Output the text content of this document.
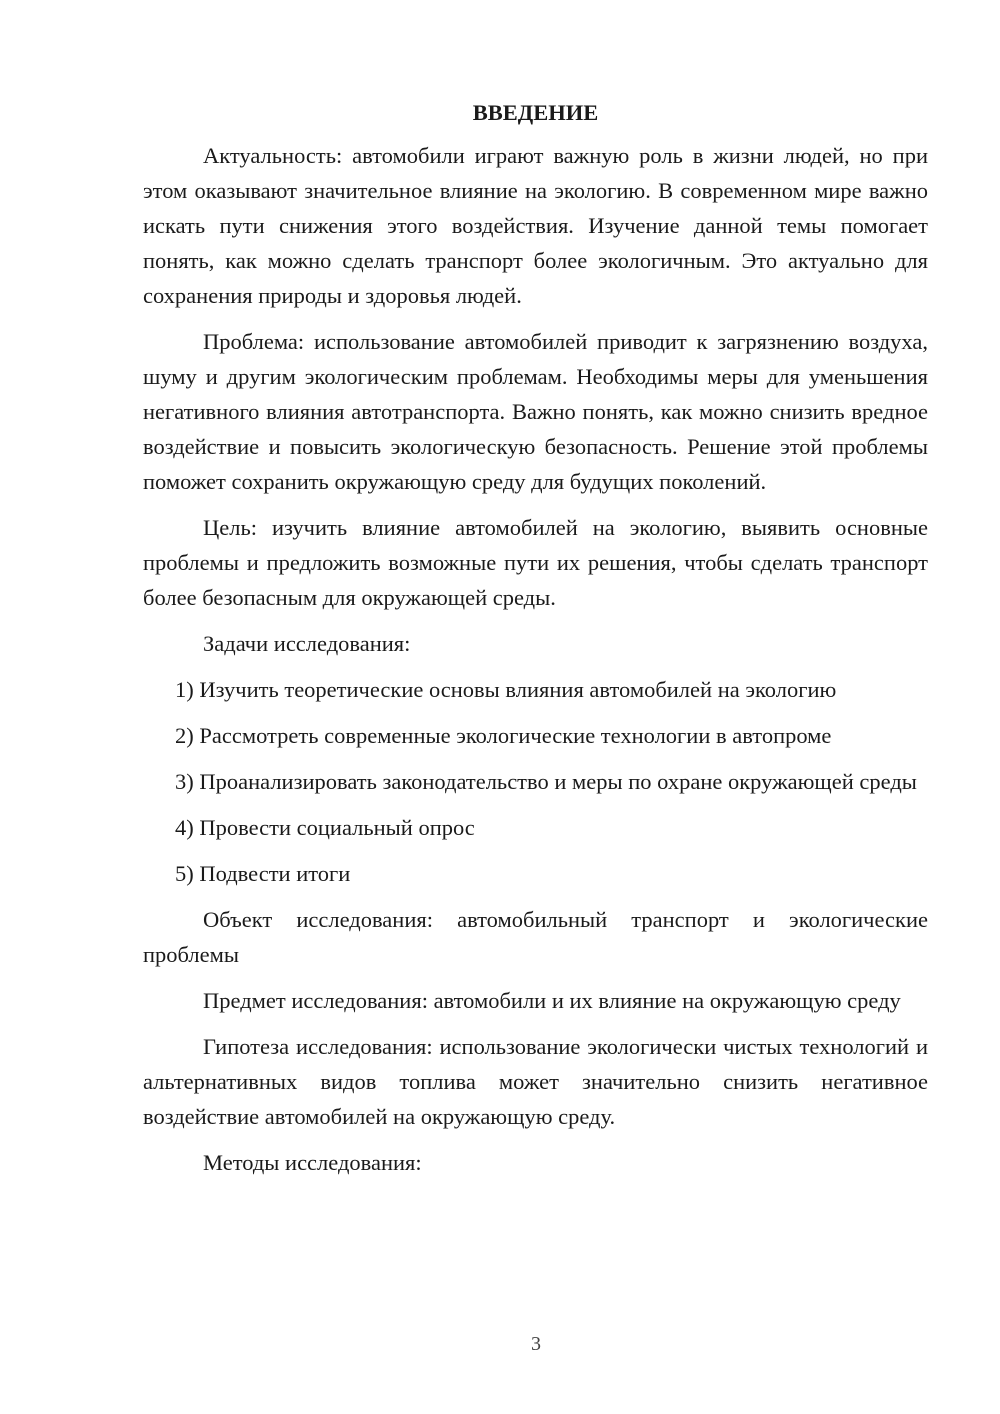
ВВЕДЕНИЕ

Актуальность: автомобили играют важную роль в жизни людей, но при этом оказывают значительное влияние на экологию. В современном мире важно искать пути снижения этого воздействия. Изучение данной темы помогает понять, как можно сделать транспорт более экологичным. Это актуально для сохранения природы и здоровья людей.

Проблема: использование автомобилей приводит к загрязнению воздуха, шуму и другим экологическим проблемам. Необходимы меры для уменьшения негативного влияния автотранспорта. Важно понять, как можно снизить вредное воздействие и повысить экологическую безопасность. Решение этой проблемы поможет сохранить окружающую среду для будущих поколений.

Цель: изучить влияние автомобилей на экологию, выявить основные проблемы и предложить возможные пути их решения, чтобы сделать транспорт более безопасным для окружающей среды.

Задачи исследования:

1) Изучить теоретические основы влияния автомобилей на экологию

2) Рассмотреть современные экологические технологии в автопроме

3) Проанализировать законодательство и меры по охране окружающей среды

4) Провести социальный опрос

5) Подвести итоги

Объект исследования: автомобильный транспорт и экологические проблемы

Предмет исследования: автомобили и их влияние на окружающую среду

Гипотеза исследования: использование экологически чистых технологий и альтернативных видов топлива может значительно снизить негативное воздействие автомобилей на окружающую среду.

Методы исследования:

3
